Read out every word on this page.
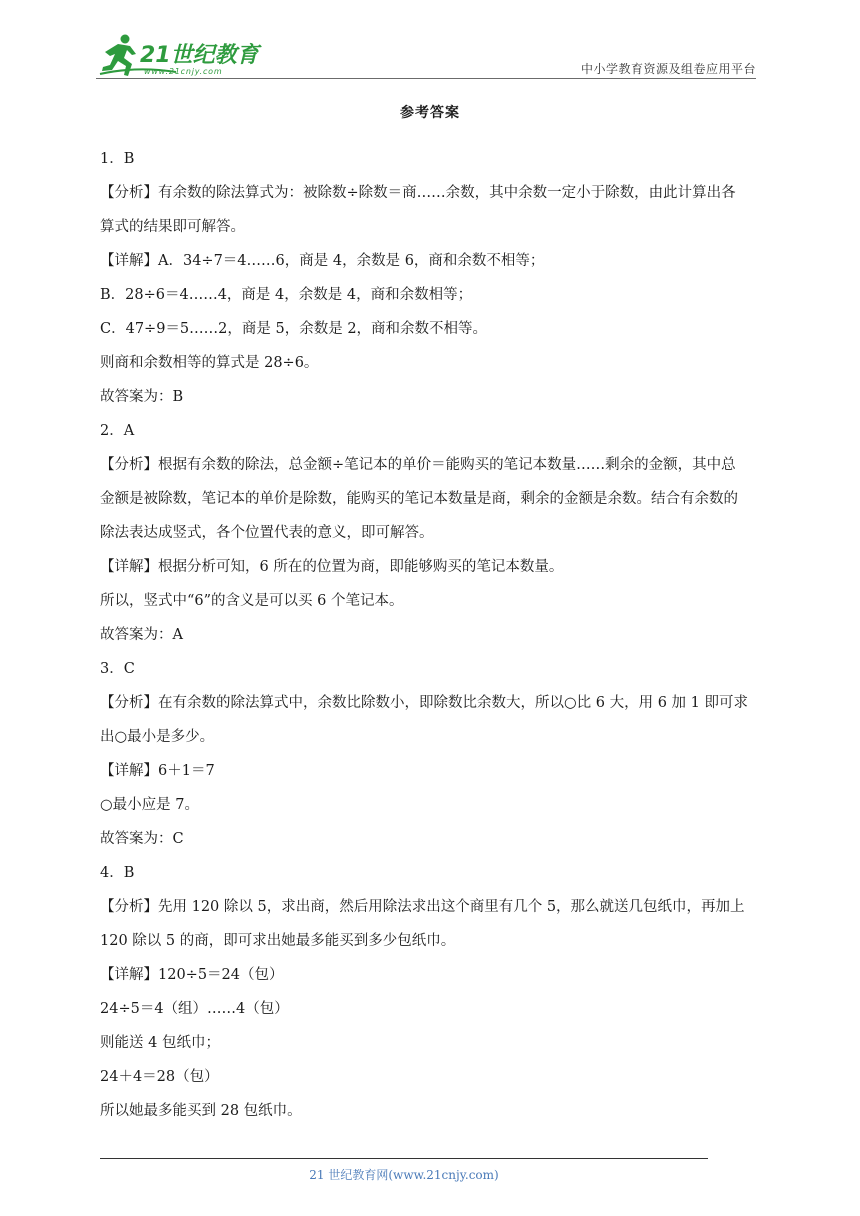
21世纪教育
www.21cnjy.com	中小学教育资源及组卷应用平台
参考答案
1．B
【分析】有余数的除法算式为：被除数÷除数＝商……余数，其中余数一定小于除数，由此计算出各
算式的结果即可解答。
【详解】A．34÷7＝4……6，商是 4，余数是 6，商和余数不相等；
B．28÷6＝4……4，商是 4，余数是 4，商和余数相等；
C．47÷9＝5……2，商是 5，余数是 2，商和余数不相等。
则商和余数相等的算式是 28÷6。
故答案为：B
2．A
【分析】根据有余数的除法，总金额÷笔记本的单价＝能购买的笔记本数量……剩余的金额，其中总
金额是被除数，笔记本的单价是除数，能购买的笔记本数量是商，剩余的金额是余数。结合有余数的
除法表达成竖式，各个位置代表的意义，即可解答。
【详解】根据分析可知，6 所在的位置为商，即能够购买的笔记本数量。
所以，竖式中“6”的含义是可以买 6 个笔记本。
故答案为：A
3．C
【分析】在有余数的除法算式中，余数比除数小，即除数比余数大，所以○比 6 大，用 6 加 1 即可求
出○最小是多少。
【详解】6＋1＝7
○最小应是 7。
故答案为：C
4．B
【分析】先用 120 除以 5，求出商，然后用除法求出这个商里有几个 5，那么就送几包纸巾，再加上
120 除以 5 的商，即可求出她最多能买到多少包纸巾。
【详解】120÷5＝24（包）
24÷5＝4（组）……4（包）
则能送 4 包纸巾；
24＋4＝28（包）
所以她最多能买到 28 包纸巾。
21 世纪教育网(www.21cnjy.com)
